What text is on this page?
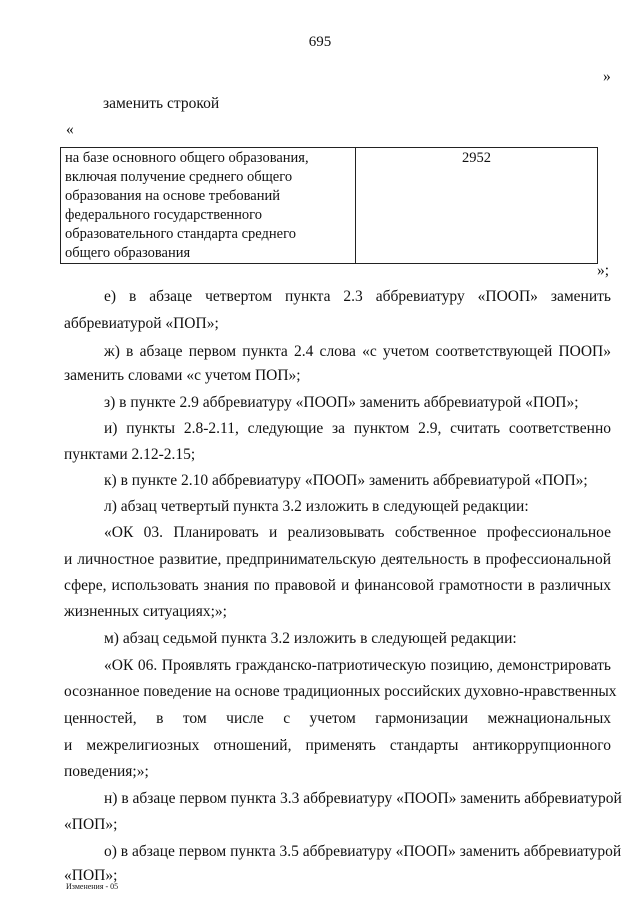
695
»
заменить строкой
«
на базе основного общего образования,
включая получение среднего общего
образования на основе требований
федерального государственного
образовательного стандарта среднего
общего образования
	2952
»;
е) в абзаце четвертом пункта 2.3 аббревиатуру «ПООП» заменить
аббревиатурой «ПОП»;
ж) в абзаце первом пункта 2.4 слова «с учетом соответствующей ПООП»
заменить словами «с учетом ПОП»;
з) в пункте 2.9 аббревиатуру «ПООП» заменить аббревиатурой «ПОП»;
и) пункты 2.8-2.11, следующие за пунктом 2.9, считать соответственно
пунктами 2.12-2.15;
к) в пункте 2.10 аббревиатуру «ПООП» заменить аббревиатурой «ПОП»;
л) абзац четвертый пункта 3.2 изложить в следующей редакции:
«ОК 03. Планировать и реализовывать собственное профессиональное
и личностное развитие, предпринимательскую деятельность в профессиональной
сфере, использовать знания по правовой и финансовой грамотности в различных
жизненных ситуациях;»;
м) абзац седьмой пункта 3.2 изложить в следующей редакции:
«ОК 06. Проявлять гражданско-патриотическую позицию, демонстрировать
осознанное поведение на основе традиционных российских духовно-нравственных
ценностей, в том числе с учетом гармонизации межнациональных
и межрелигиозных отношений, применять стандарты антикоррупционного
поведения;»;
н) в абзаце первом пункта 3.3 аббревиатуру «ПООП» заменить аббревиатурой
«ПОП»;
о) в абзаце первом пункта 3.5 аббревиатуру «ПООП» заменить аббревиатурой
«ПОП»;
Изменения - 05
